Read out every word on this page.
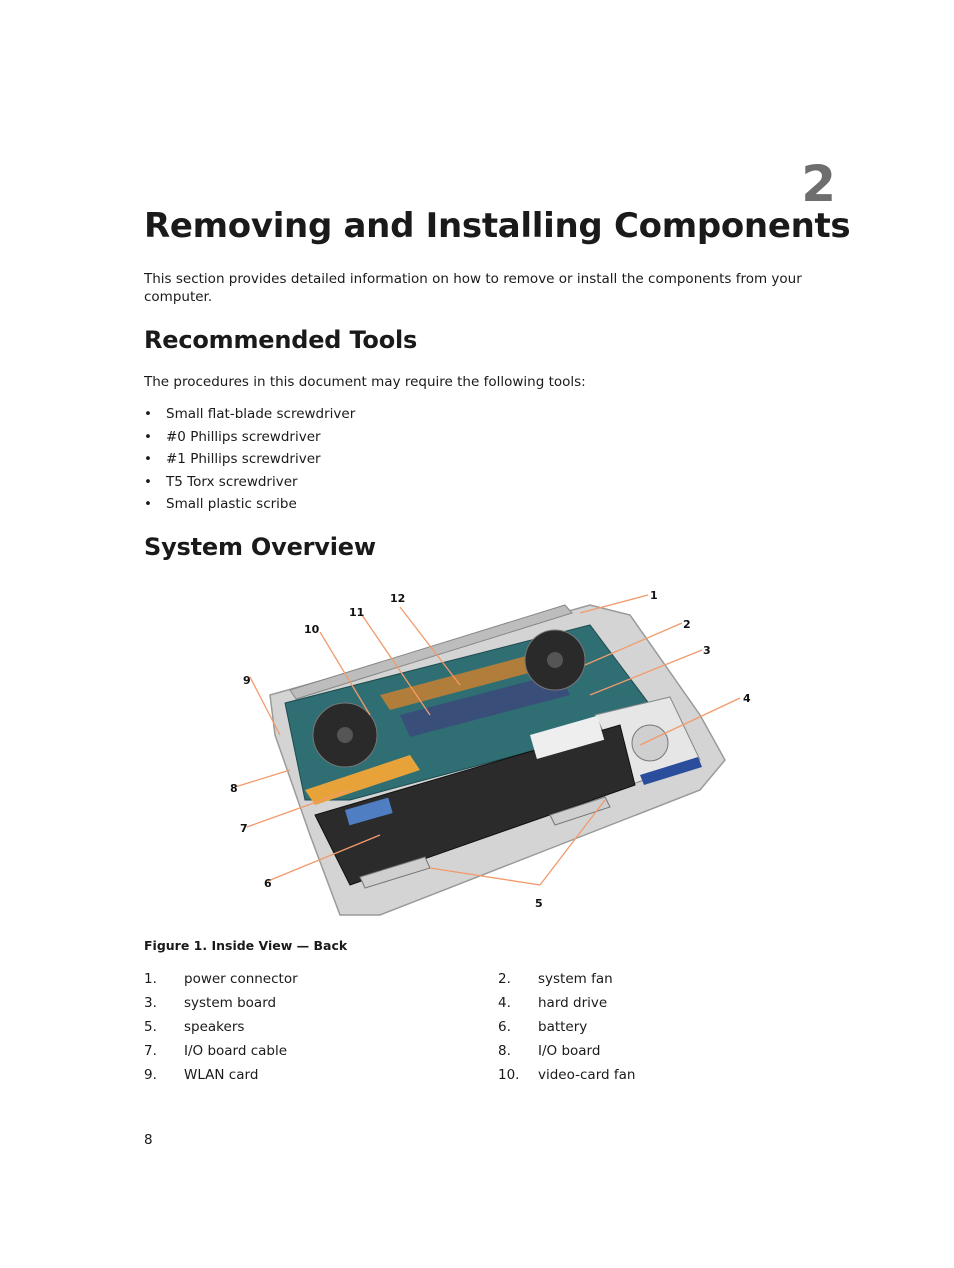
2
Removing and Installing Components

This section provides detailed information on how to remove or install the components from your computer.

Recommended Tools

The procedures in this document may require the following tools:

• Small flat-blade screwdriver
• #0 Phillips screwdriver
• #1 Phillips screwdriver
• T5 Torx screwdriver
• Small plastic scribe
System Overview
1
2
3
4
5
6
7
8
9
10
11
12

Figure 1. Inside View — Back

1. power connector	2. system fan
3. system board	4. hard drive
5. speakers	6. battery
7. I/O board cable	8. I/O board
9. WLAN card	10. video-card fan
8
